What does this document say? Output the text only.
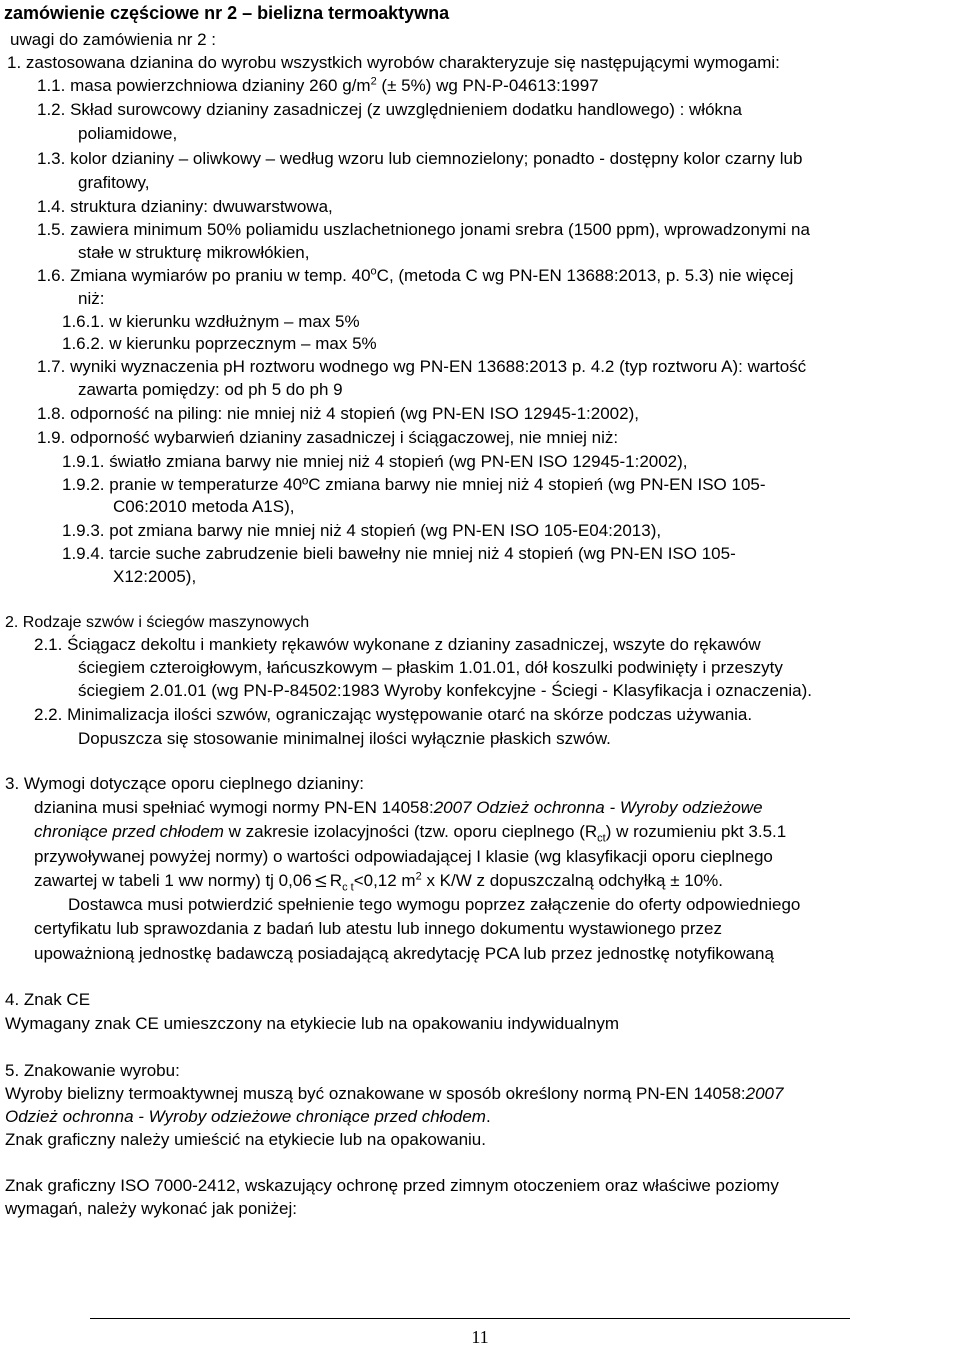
zamówienie częściowe nr 2 – bielizna termoaktywna
uwagi do zamówienia nr 2 :
1. zastosowana dzianina do wyrobu wszystkich wyrobów charakteryzuje się następującymi wymogami:
1.1. masa powierzchniowa dzianiny 260 $g/m^2$ (± 5%) wg PN-P-04613:1997
1.2. Skład surowcowy dzianiny zasadniczej (z uwzględnieniem dodatku handlowego) : włókna
poliamidowe,
1.3. kolor dzianiny – oliwkowy – według wzoru lub ciemnozielony; ponadto - dostępny kolor czarny lub
grafitowy,
1.4. struktura dzianiny: dwuwarstwowa,
1.5. zawiera minimum 50% poliamidu uszlachetnionego jonami srebra (1500 ppm), wprowadzonymi na
stałe w strukturę mikrowłókien,
1.6. Zmiana wymiarów po praniu w temp. 40$^o$C, (metoda C wg PN-EN 13688:2013, p. 5.3) nie więcej
niż:
1.6.1. w kierunku wzdłużnym – max 5%
1.6.2. w kierunku poprzecznym – max 5%
1.7. wyniki wyznaczenia pH roztworu wodnego wg PN-EN 13688:2013 p. 4.2 (typ roztworu A): wartość
zawarta pomiędzy: od ph 5 do ph 9
1.8. odporność na piling: nie mniej niż 4 stopień (wg PN-EN ISO 12945-1:2002),
1.9. odporność wybarwień dzianiny zasadniczej i ściągaczowej, nie mniej niż:
1.9.1. światło zmiana barwy nie mniej niż 4 stopień (wg PN-EN ISO 12945-1:2002),
1.9.2. pranie w temperaturze 40ºC zmiana barwy nie mniej niż 4 stopień (wg PN-EN ISO 105-
C06:2010 metoda A1S),
1.9.3. pot zmiana barwy nie mniej niż 4 stopień (wg PN-EN ISO 105-E04:2013),
1.9.4. tarcie suche zabrudzenie bieli bawełny nie mniej niż 4 stopień (wg PN-EN ISO 105-
X12:2005),
2. Rodzaje szwów i ściegów maszynowych
2.1. Ściągacz dekoltu i mankiety rękawów wykonane z dzianiny zasadniczej, wszyte do rękawów
ściegiem czteroigłowym, łańcuszkowym – płaskim 1.01.01, dół koszulki podwinięty i przeszyty
ściegiem 2.01.01 (wg PN-P-84502:1983 Wyroby konfekcyjne - Ściegi - Klasyfikacja i oznaczenia).
2.2. Minimalizacja ilości szwów, ograniczając występowanie otarć na skórze podczas używania.
Dopuszcza się stosowanie minimalnej ilości wyłącznie płaskich szwów.
3. Wymogi dotyczące oporu cieplnego dzianiny:
dzianina musi spełniać wymogi normy PN-EN 14058:2007 Odzież ochronna - Wyroby odzieżowe
chroniące przed chłodem w zakresie izolacyjności (tzw. oporu cieplnego $(R_{ct})$ w rozumieniu pkt 3.5.1
przywoływanej powyżej normy) o wartości odpowiadającej I klasie (wg klasyfikacji oporu cieplnego
zawartej w tabeli 1 ww normy) tj 0,06 $R_{c t}<0,12$ $m^2$ x K/W z dopuszczalną odchyłką ± 10%.
Dostawca musi potwierdzić spełnienie tego wymogu poprzez załączenie do oferty odpowiedniego
certyfikatu lub sprawozdania z badań lub atestu lub innego dokumentu wystawionego przez
upoważnioną jednostkę badawczą posiadającą akredytację PCA lub przez jednostkę notyfikowaną
4. Znak CE
Wymagany znak CE umieszczony na etykiecie lub na opakowaniu indywidualnym
5. Znakowanie wyrobu:
Wyroby bielizny termoaktywnej muszą być oznakowane w sposób określony normą PN-EN 14058:2007
Odzież ochronna - Wyroby odzieżowe chroniące przed chłodem.
Znak graficzny należy umieścić na etykiecie lub na opakowaniu.
Znak graficzny ISO 7000-2412, wskazujący ochronę przed zimnym otoczeniem oraz właściwe poziomy
wymagań, należy wykonać jak poniżej:
11
